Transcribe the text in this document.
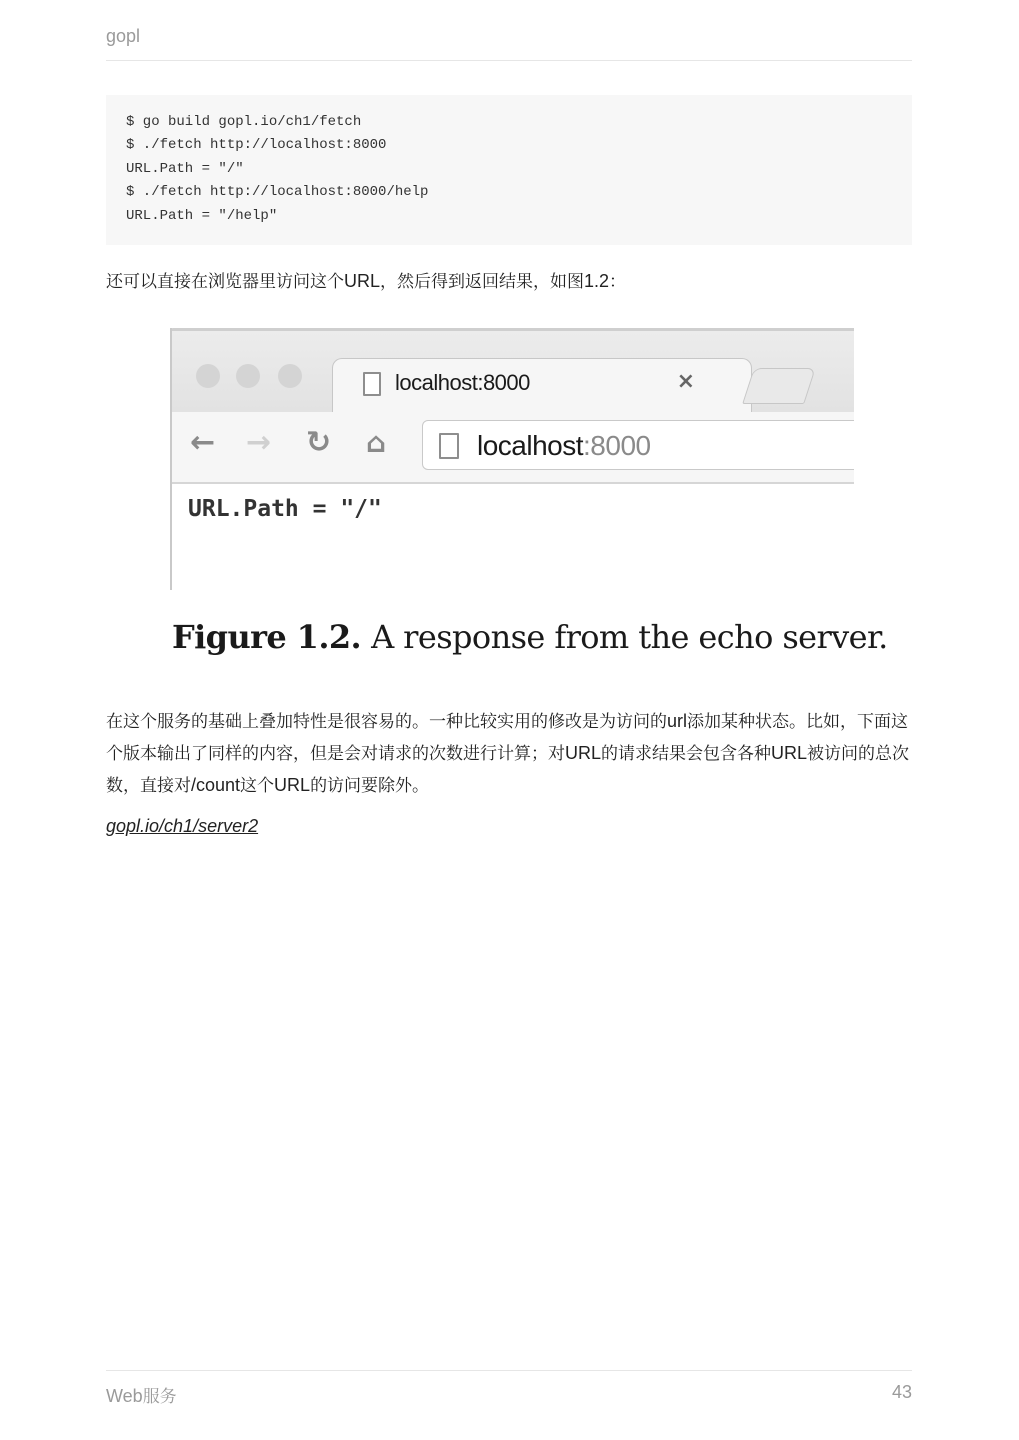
gopl
$ go build gopl.io/ch1/fetch
$ ./fetch http://localhost:8000
URL.Path = "/"
$ ./fetch http://localhost:8000/help
URL.Path = "/help"

还可以直接在浏览器里访问这个URL，然后得到返回结果，如图1.2：

localhost:8000	×
← → ↻ ⌂	localhost:8000
URL.Path = "/"
Figure 1.2. A response from the echo server.

在这个服务的基础上叠加特性是很容易的。一种比较实用的修改是为访问的url添加某种状态。比如，下面这个版本输出了同样的内容，但是会对请求的次数进行计算；对URL的请求结果会包含各种URL被访问的总次数，直接对/count这个URL的访问要除外。

gopl.io/ch1/server2
Web服务	43
